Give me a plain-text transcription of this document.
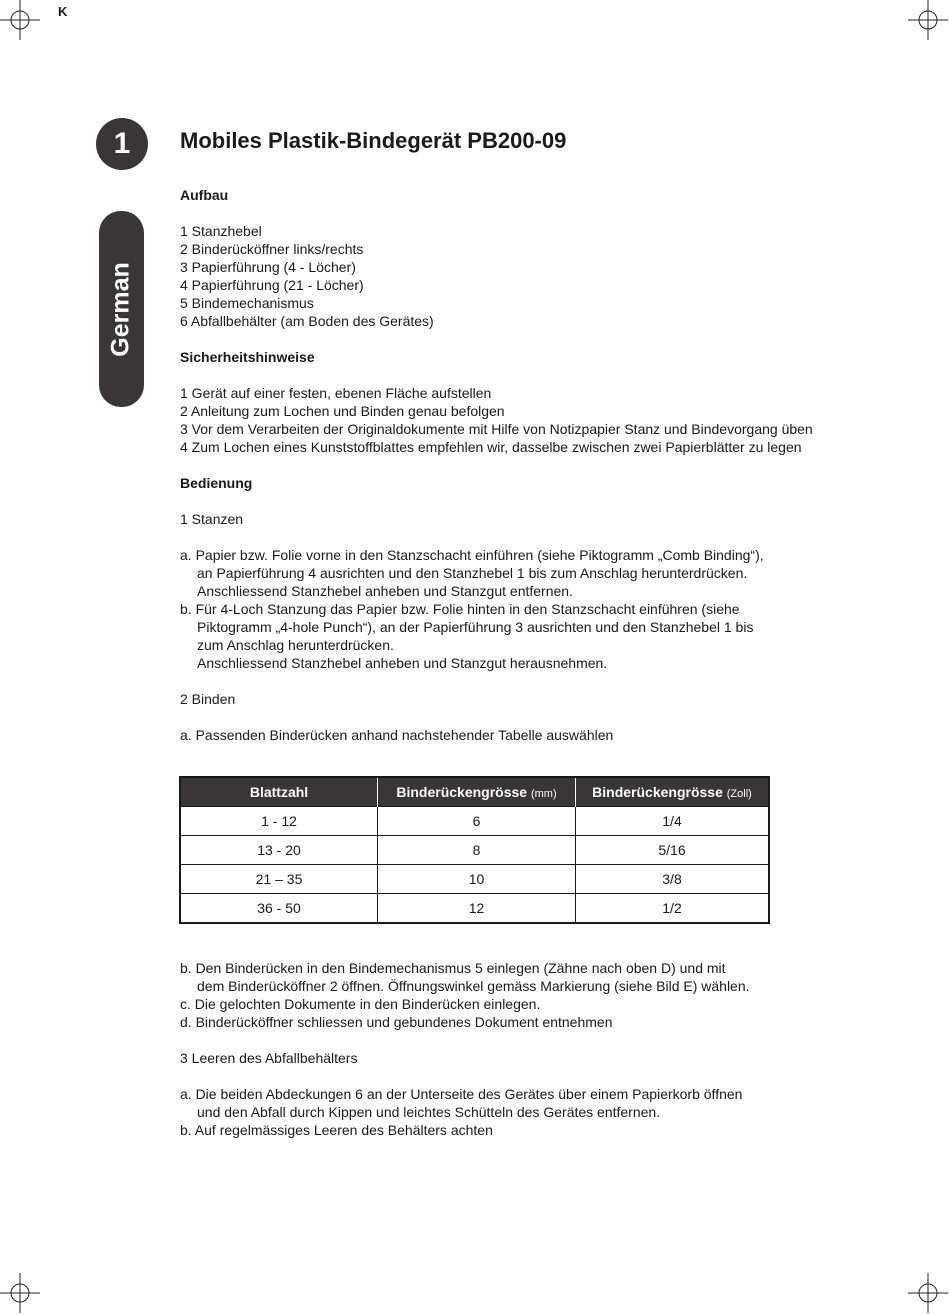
K
1
German
Mobiles Plastik-Bindegerät PB200-09
Aufbau
1 Stanzhebel
2 Binderücköffner links/rechts
3 Papierführung (4 - Löcher)
4 Papierführung (21 - Löcher)
5 Bindemechanismus
6 Abfallbehälter (am Boden des Gerätes)
Sicherheitshinweise
1 Gerät auf einer festen, ebenen Fläche aufstellen
2 Anleitung zum Lochen und Binden genau befolgen
3 Vor dem Verarbeiten der Originaldokumente mit Hilfe von Notizpapier Stanz und Bindevorgang üben
4 Zum Lochen eines Kunststoffblattes empfehlen wir, dasselbe zwischen zwei Papierblätter zu legen
Bedienung
1 Stanzen
a. Papier bzw. Folie vorne in den Stanzschacht einführen (siehe Piktogramm „Comb Binding“),
an Papierführung 4 ausrichten und den Stanzhebel 1 bis zum Anschlag herunterdrücken.
Anschliessend Stanzhebel anheben und Stanzgut entfernen.
b. Für 4-Loch Stanzung das Papier bzw. Folie hinten in den Stanzschacht einführen (siehe
Piktogramm „4-hole Punch“), an der Papierführung 3 ausrichten und den Stanzhebel 1 bis
zum Anschlag herunterdrücken.
Anschliessend Stanzhebel anheben und Stanzgut herausnehmen.
2 Binden
a. Passenden Binderücken anhand nachstehender Tabelle auswählen
Blattzahl	Binderückengrösse (mm)	Binderückengrösse (Zoll)
1 - 12	6	1/4
13 - 20	8	5/16
21 – 35	10	3/8
36 - 50	12	1/2
b. Den Binderücken in den Bindemechanismus 5 einlegen (Zähne nach oben D) und mit
dem Binderücköffner 2 öffnen. Öffnungswinkel gemäss Markierung (siehe Bild E) wählen.
c. Die gelochten Dokumente in den Binderücken einlegen.
d. Binderücköffner schliessen und gebundenes Dokument entnehmen
3 Leeren des Abfallbehälters
a. Die beiden Abdeckungen 6 an der Unterseite des Gerätes über einem Papierkorb öffnen
und den Abfall durch Kippen und leichtes Schütteln des Gerätes entfernen.
b. Auf regelmässiges Leeren des Behälters achten
